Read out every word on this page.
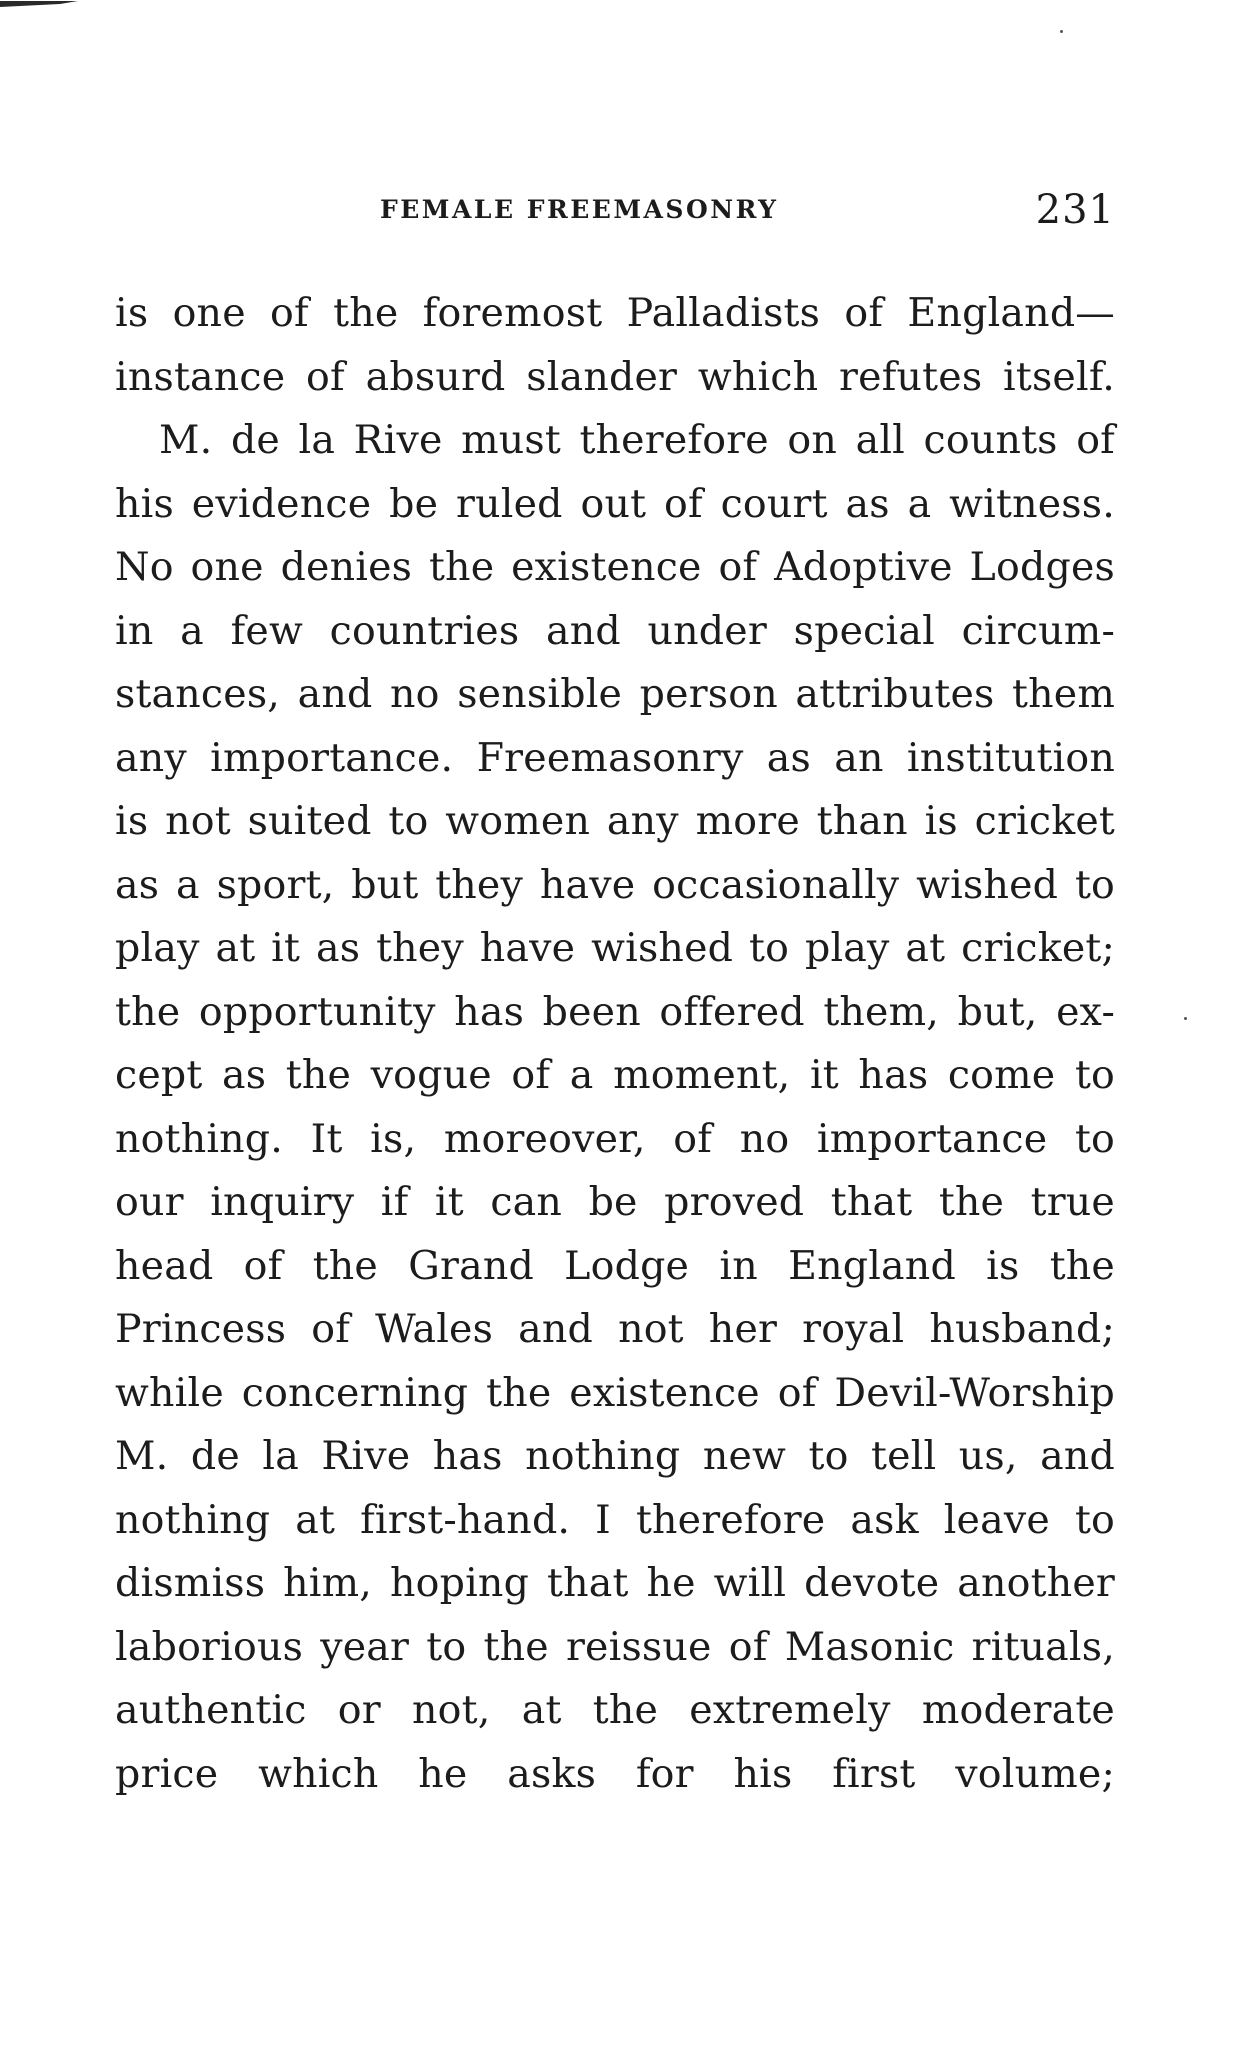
FEMALE FREEMASONRY	231
is one of the foremost Palladists of England—
instance of absurd slander which refutes itself.
M. de la Rive must therefore on all counts of
his evidence be ruled out of court as a witness.
No one denies the existence of Adoptive Lodges
in a few countries and under special circum-
stances, and no sensible person attributes them
any importance. Freemasonry as an institution
is not suited to women any more than is cricket
as a sport, but they have occasionally wished to
play at it as they have wished to play at cricket;
the opportunity has been offered them, but, ex-
cept as the vogue of a moment, it has come to
nothing. It is, moreover, of no importance to
our inquiry if it can be proved that the true
head of the Grand Lodge in England is the
Princess of Wales and not her royal husband;
while concerning the existence of Devil-Worship
M. de la Rive has nothing new to tell us, and
nothing at first-hand. I therefore ask leave to
dismiss him, hoping that he will devote another
laborious year to the reissue of Masonic rituals,
authentic or not, at the extremely moderate
price which he asks for his first volume;
